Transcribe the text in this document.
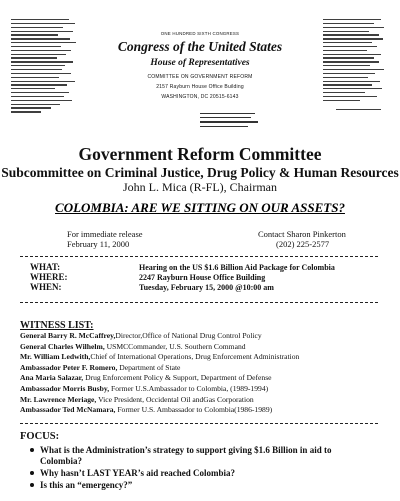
ONE HUNDRED SIXTH CONGRESS
Congress of the United States
House of Representatives
COMMITTEE ON GOVERNMENT REFORM
2157 Rayburn House Office Building
WASHINGTON, DC 20515-6143
Government Reform Committee
Subcommittee on Criminal Justice, Drug Policy & Human Resources
John L. Mica (R-FL), Chairman
COLOMBIA: ARE WE SITTING ON OUR ASSETS?
For immediate release
February 11, 2000
Contact Sharon Pinkerton
(202) 225-2577
WHAT:	Hearing on the US $1.6 Billion Aid Package for Colombia
WHERE:	2247 Rayburn House Office Building
WHEN:	Tuesday, February 15, 2000 @10:00 am
WITNESS LIST:
General Barry R. McCaffrey,Director,Office of National Drug Control Policy
General Charles Wilhelm, USMCCommander, U.S. Southern Command
Mr. William Ledwith,Chief of International Operations, Drug Enforcement Administration
Ambassador Peter F. Romero, Department of State
Ana Maria Salazar, Drug Enforcement Policy & Support, Department of Defense
Ambassador Morris Busby, Former U.S.Ambassador to Colombia, (1989-1994)
Mr. Lawrence Meriage, Vice President, Occidental Oil andGas Corporation
Ambassador Ted McNamara, Former U.S. Ambassador to Colombia(1986-1989)
FOCUS:
What is the Administration’s strategy to support giving $1.6 Billion in aid to
Colombia?
Why hasn’t LAST YEAR’s aid reached Colombia?
Is this an “emergency?”
